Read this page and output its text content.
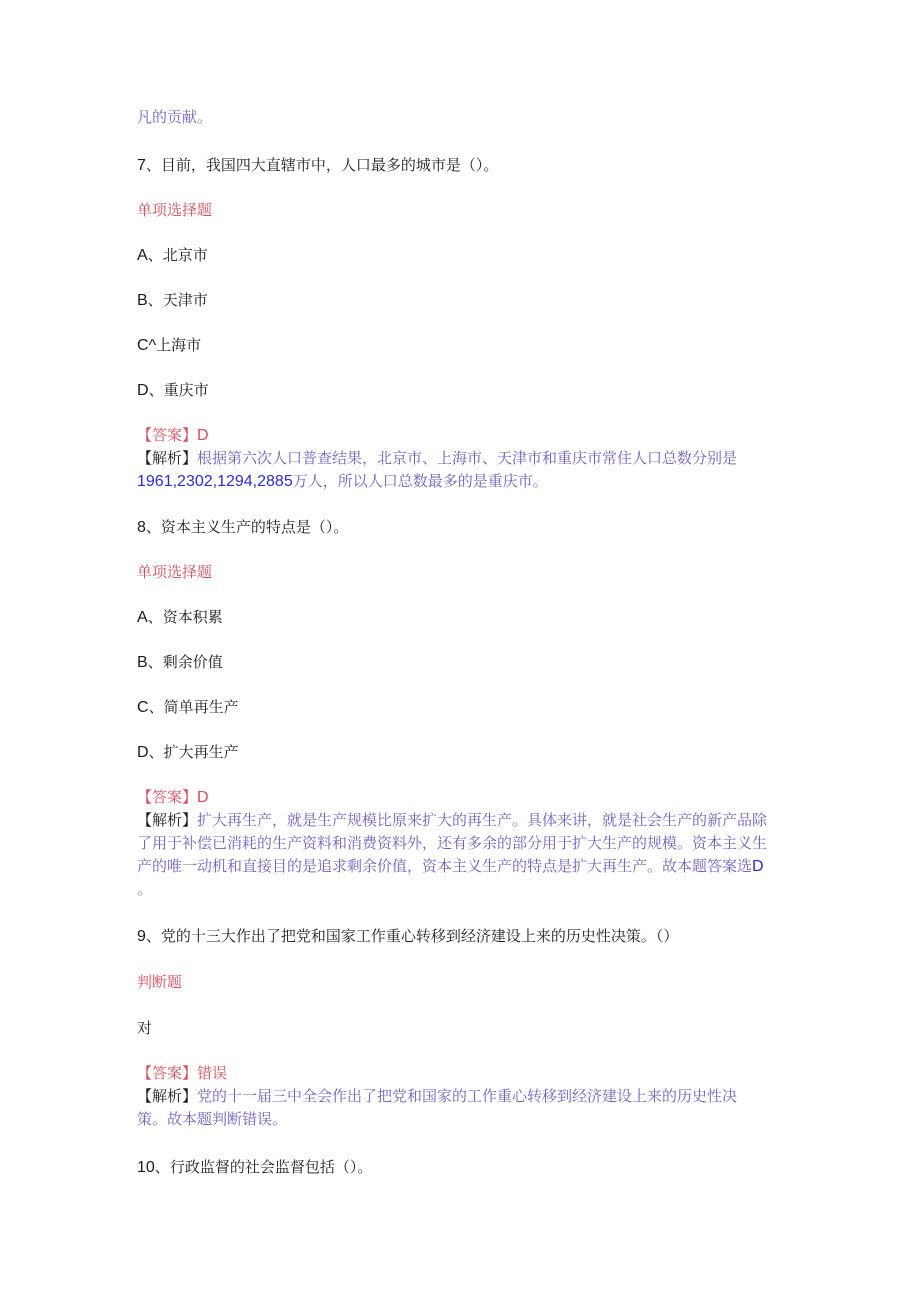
凡的贡献。
7、目前，我国四大直辖市中，人口最多的城市是（）。
单项选择题
A、北京市
B、天津市
C^上海市
D、重庆市
【答案】D
【解析】根据第六次人口普查结果，北京市、上海市、天津市和重庆市常住人口总数分别是
1961,2302,1294,2885万人，所以人口总数最多的是重庆市。
8、资本主义生产的特点是（）。
单项选择题
A、资本积累
B、剩余价值
C、简单再生产
D、扩大再生产
【答案】D
【解析】扩大再生产，就是生产规模比原来扩大的再生产。具体来讲，就是社会生产的新产品除
了用于补偿已消耗的生产资料和消费资料外，还有多余的部分用于扩大生产的规模。资本主义生
产的唯一动机和直接目的是追求剩余价值，资本主义生产的特点是扩大再生产。故本题答案选D
。
9、党的十三大作出了把党和国家工作重心转移到经济建设上来的历史性决策。（）
判断题
对
【答案】错误
【解析】党的十一届三中全会作出了把党和国家的工作重心转移到经济建设上来的历史性决
策。故本题判断错误。
10、行政监督的社会监督包括（）。
